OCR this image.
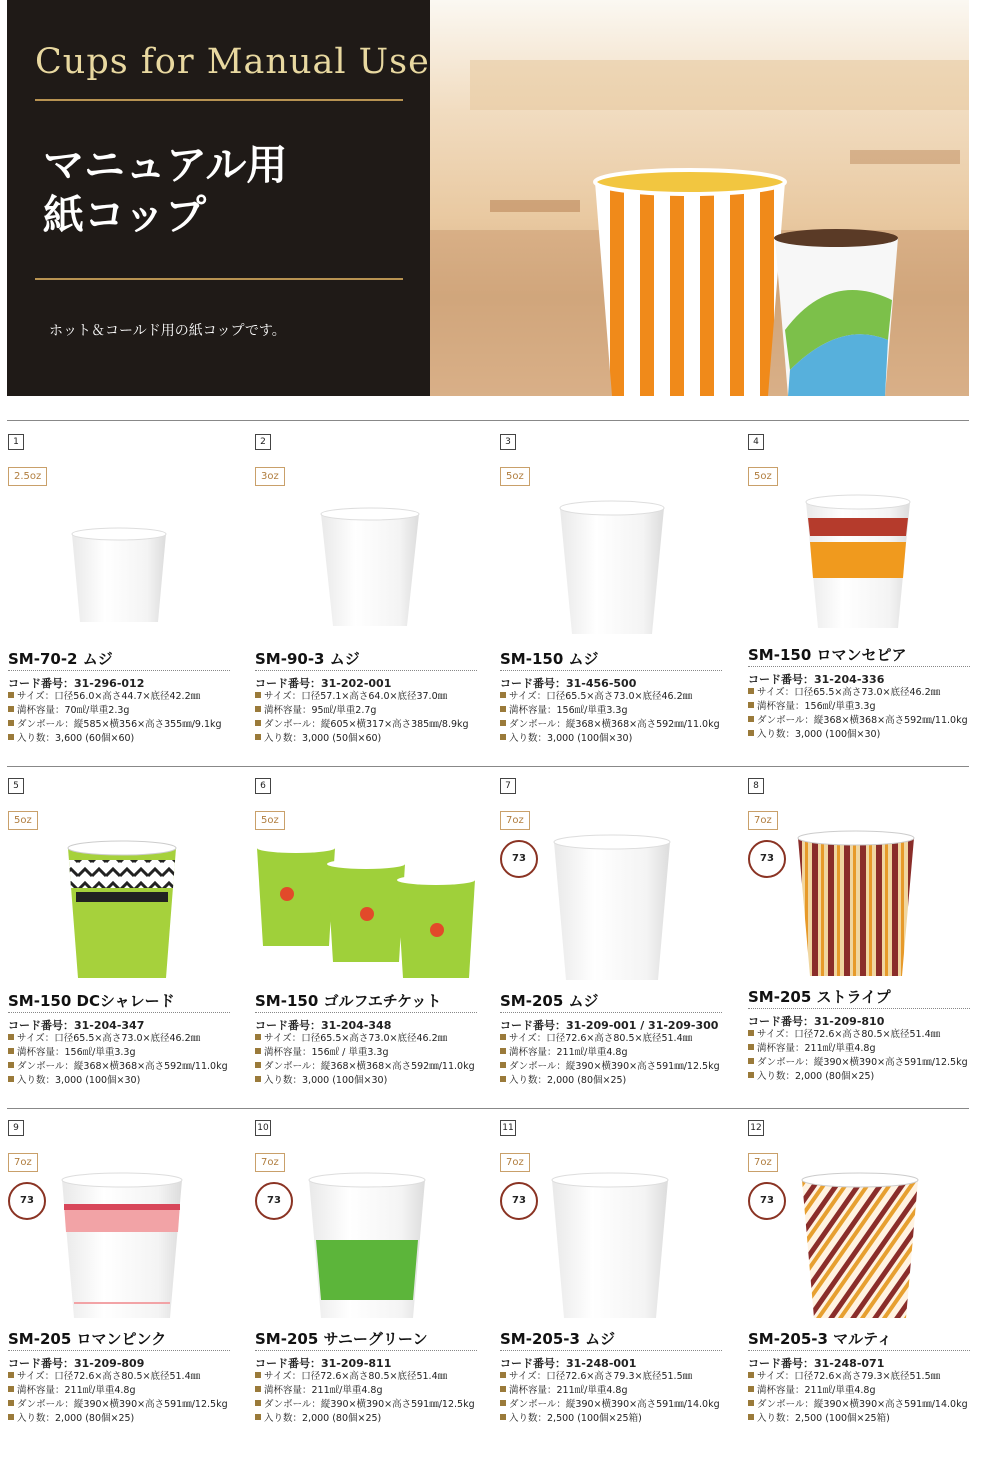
Cups for Manual Use
マニュアル用
紙コップ
ホット＆コールド用の紙コップです。
1
2.5oz
SM-70-2 ムジ
コード番号：31-296-012
サイズ：口径56.0×高さ44.7×底径42.2㎜
満杯容量：70㎖/単重2.3g
ダンボール：縦585×横356×高さ355㎜/9.1kg
入り数：3,600 (60個×60)
2
3oz
SM-90-3 ムジ
コード番号：31-202-001
サイズ：口径57.1×高さ64.0×底径37.0㎜
満杯容量：95㎖/単重2.7g
ダンボール：縦605×横317×高さ385㎜/8.9kg
入り数：3,000 (50個×60)
3
5oz
SM-150 ムジ
コード番号：31-456-500
サイズ：口径65.5×高さ73.0×底径46.2㎜
満杯容量：156㎖/単重3.3g
ダンボール：縦368×横368×高さ592㎜/11.0kg
入り数：3,000 (100個×30)
4
5oz
SM-150 ロマンセピア
コード番号：31-204-336
サイズ：口径65.5×高さ73.0×底径46.2㎜
満杯容量：156㎖/単重3.3g
ダンボール：縦368×横368×高さ592㎜/11.0kg
入り数：3,000 (100個×30)
5
5oz
SM-150 DCシャレード
コード番号：31-204-347
サイズ：口径65.5×高さ73.0×底径46.2㎜
満杯容量：156㎖/単重3.3g
ダンボール：縦368×横368×高さ592㎜/11.0kg
入り数：3,000 (100個×30)
6
5oz
SM-150 ゴルフエチケット
コード番号：31-204-348
サイズ：口径65.5×高さ73.0×底径46.2㎜
満杯容量：156㎖ / 単重3.3g
ダンボール：縦368×横368×高さ592㎜/11.0kg
入り数：3,000 (100個×30)
7
7oz
73
SM-205 ムジ
コード番号：31-209-001 / 31-209-300
サイズ：口径72.6×高さ80.5×底径51.4㎜
満杯容量：211㎖/単重4.8g
ダンボール：縦390×横390×高さ591㎜/12.5kg
入り数：2,000 (80個×25)
8
7oz
73
SM-205 ストライプ
コード番号：31-209-810
サイズ：口径72.6×高さ80.5×底径51.4㎜
満杯容量：211㎖/単重4.8g
ダンボール：縦390×横390×高さ591㎜/12.5kg
入り数：2,000 (80個×25)
9
7oz
73
SM-205 ロマンピンク
コード番号：31-209-809
サイズ：口径72.6×高さ80.5×底径51.4㎜
満杯容量：211㎖/単重4.8g
ダンボール：縦390×横390×高さ591㎜/12.5kg
入り数：2,000 (80個×25)
10
7oz
73
SM-205 サニーグリーン
コード番号：31-209-811
サイズ：口径72.6×高さ80.5×底径51.4㎜
満杯容量：211㎖/単重4.8g
ダンボール：縦390×横390×高さ591㎜/12.5kg
入り数：2,000 (80個×25)
11
7oz
73
SM-205-3 ムジ
コード番号：31-248-001
サイズ：口径72.6×高さ79.3×底径51.5㎜
満杯容量：211㎖/単重4.8g
ダンボール：縦390×横390×高さ591㎜/14.0kg
入り数：2,500 (100個×25箱)
12
7oz
73
SM-205-3 マルティ
コード番号：31-248-071
サイズ：口径72.6×高さ79.3×底径51.5㎜
満杯容量：211㎖/単重4.8g
ダンボール：縦390×横390×高さ591㎜/14.0kg
入り数：2,500 (100個×25箱)
